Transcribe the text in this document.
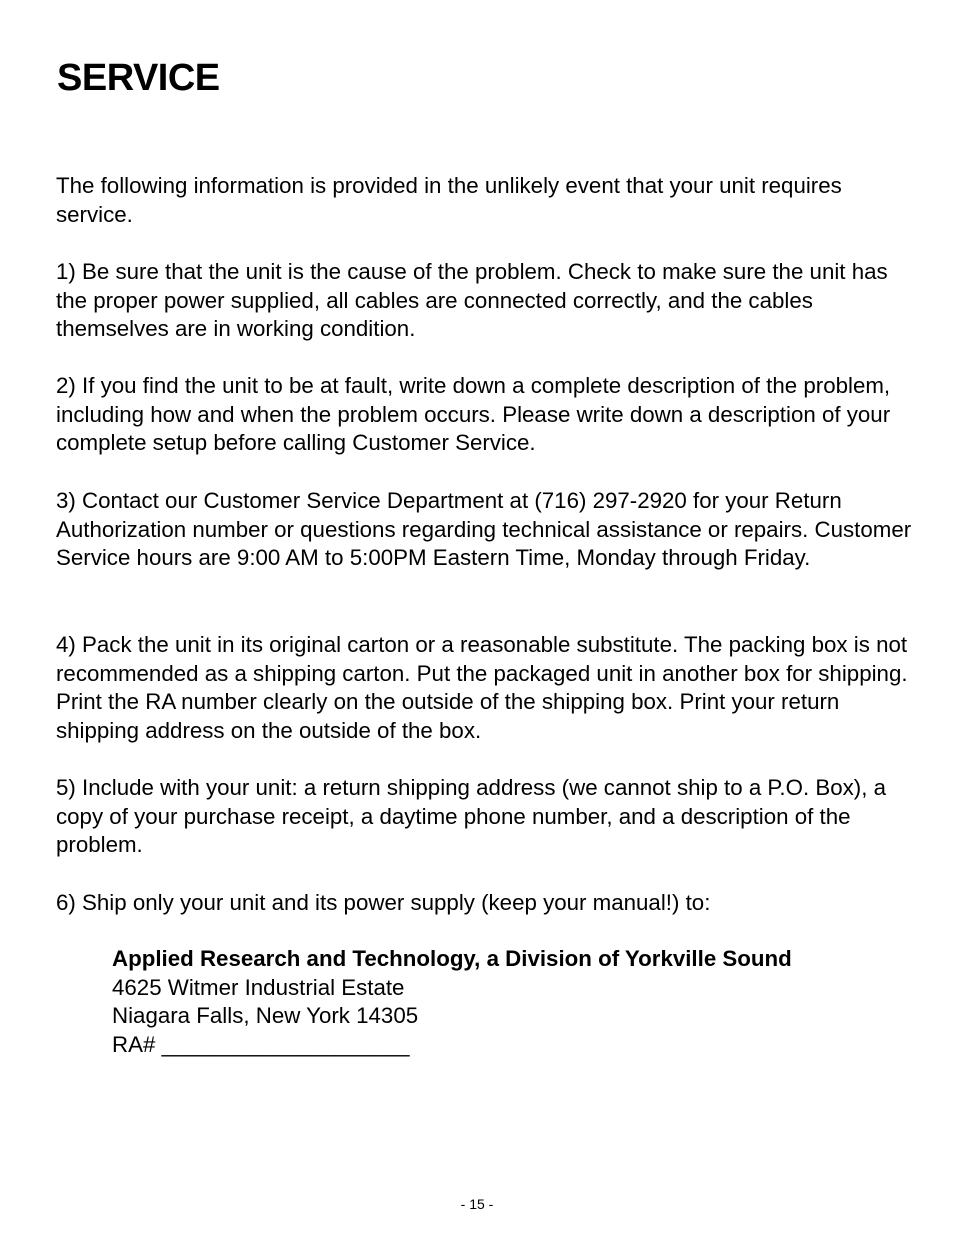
SERVICE

The following information is provided in the unlikely event that your unit requires service.

1) Be sure that the unit is the cause of the problem. Check to make sure the unit has the proper power supplied, all cables are connected correctly, and the cables themselves are in working condition.

2) If you find the unit to be at fault, write down a complete description of the problem, including how and when the problem occurs. Please write down a description of your complete setup before calling Customer Service.

3) Contact our Customer Service Department at (716) 297-2920 for your Return Authorization number or questions regarding technical assistance or repairs. Customer Service hours are 9:00 AM to 5:00PM Eastern Time, Monday through Friday.

4) Pack the unit in its original carton or a reasonable substitute. The packing box is not recommended as a shipping carton. Put the packaged unit in another box for shipping. Print the RA number clearly on the outside of the shipping box. Print your return shipping address on the outside of the box.

5) Include with your unit: a return shipping address (we cannot ship to a P.O. Box), a copy of your purchase receipt, a daytime phone number, and a description of the problem.

6) Ship only your unit and its power supply (keep your manual!) to:

Applied Research and Technology, a Division of Yorkville Sound
4625 Witmer Industrial Estate
Niagara Falls, New York 14305
RA# ____________________
- 15 -
